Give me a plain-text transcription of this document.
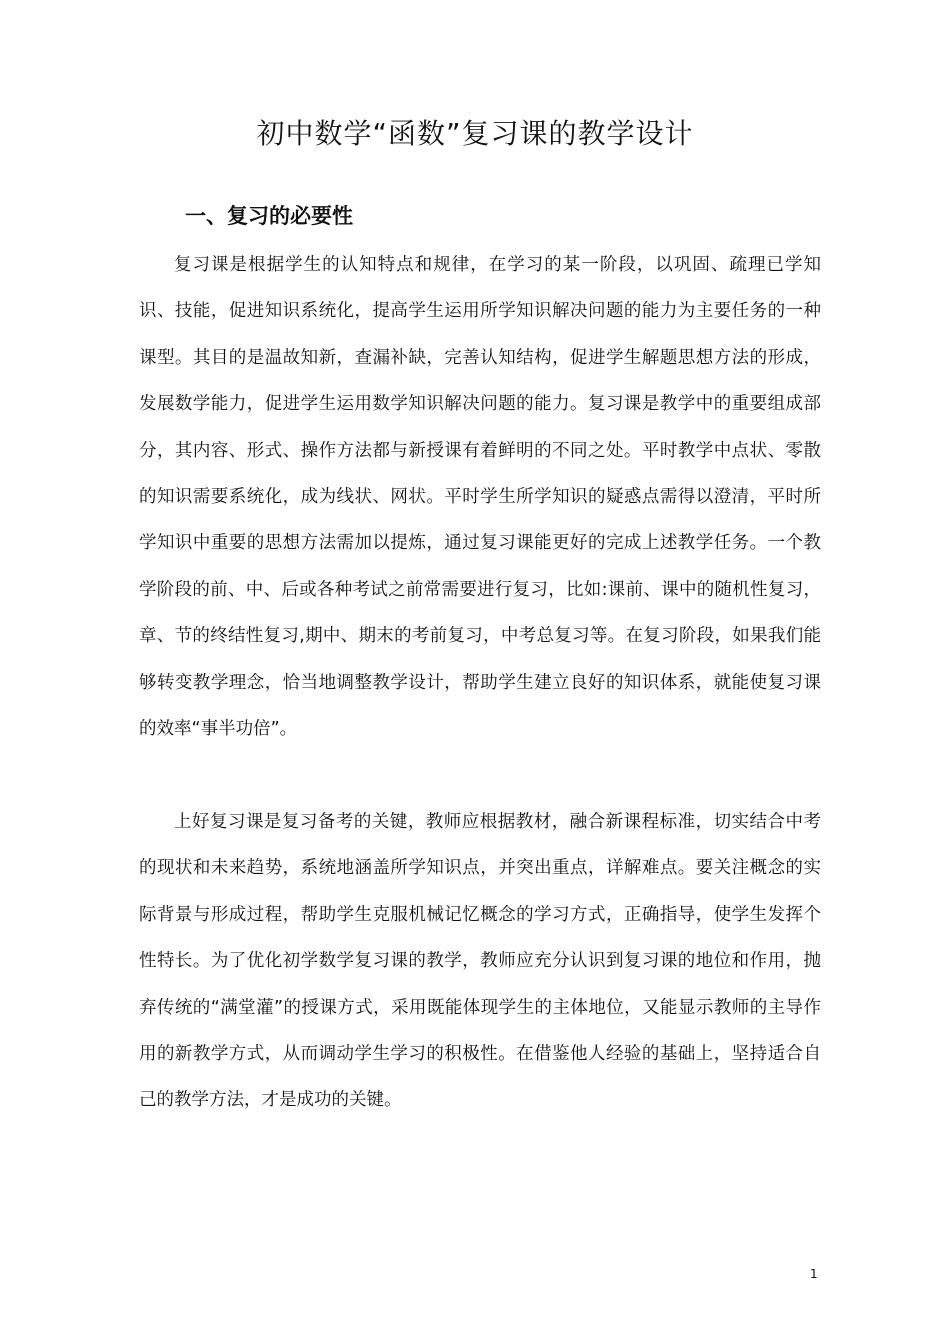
初中数学“函数”复习课的教学设计
一、复习的必要性

复习课是根据学生的认知特点和规律，在学习的某一阶段，以巩固、疏理已学知识、技能，促进知识系统化，提高学生运用所学知识解决问题的能力为主要任务的一种课型。其目的是温故知新，查漏补缺，完善认知结构，促进学生解题思想方法的形成，发展数学能力，促进学生运用数学知识解决问题的能力。复习课是教学中的重要组成部分，其内容、形式、操作方法都与新授课有着鲜明的不同之处。平时教学中点状、零散的知识需要系统化，成为线状、网状。平时学生所学知识的疑惑点需得以澄清，平时所学知识中重要的思想方法需加以提炼，通过复习课能更好的完成上述教学任务。一个教学阶段的前、中、后或各种考试之前常需要进行复习，比如:课前、课中的随机性复习，章、节的终结性复习,期中、期末的考前复习，中考总复习等。在复习阶段，如果我们能够转变教学理念，恰当地调整教学设计，帮助学生建立良好的知识体系，就能使复习课的效率“事半功倍”。

上好复习课是复习备考的关键，教师应根据教材，融合新课程标准，切实结合中考的现状和未来趋势，系统地涵盖所学知识点，并突出重点，详解难点。要关注概念的实际背景与形成过程，帮助学生克服机械记忆概念的学习方式，正确指导，使学生发挥个性特长。为了优化初学数学复习课的教学，教师应充分认识到复习课的地位和作用，抛弃传统的“满堂灌”的授课方式，采用既能体现学生的主体地位，又能显示教师的主导作用的新教学方式，从而调动学生学习的积极性。在借鉴他人经验的基础上，坚持适合自己的教学方法，才是成功的关键。

1
